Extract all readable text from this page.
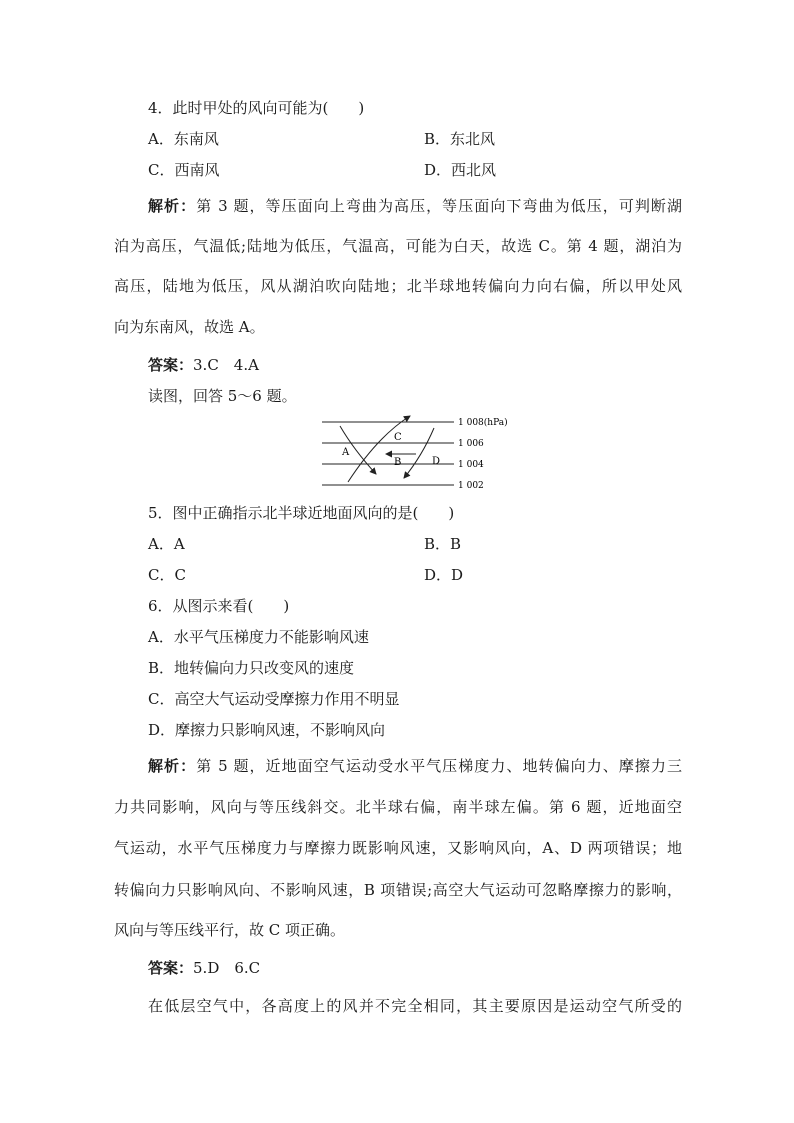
4．此时甲处的风向可能为(　　)
A．东南风	B．东北风
C．西南风	D．西北风
解析：第 3 题，等压面向上弯曲为高压，等压面向下弯曲为低压，可判断湖
泊为高压，气温低;陆地为低压，气温高，可能为白天，故选 C。第 4 题，湖泊为
高压，陆地为低压，风从湖泊吹向陆地；北半球地转偏向力向右偏，所以甲处风
向为东南风，故选 A。
答案：3.C　4.A
读图，回答 5～6 题。
1 008(hPa)
1 006
1 004
1 002
A
B
C
D
5．图中正确指示北半球近地面风向的是(　　)
A．A	B．B
C．C	D．D
6．从图示来看(　　)
A．水平气压梯度力不能影响风速
B．地转偏向力只改变风的速度
C．高空大气运动受摩擦力作用不明显
D．摩擦力只影响风速，不影响风向
解析：第 5 题，近地面空气运动受水平气压梯度力、地转偏向力、摩擦力三
力共同影响，风向与等压线斜交。北半球右偏，南半球左偏。第 6 题，近地面空
气运动，水平气压梯度力与摩擦力既影响风速，又影响风向，A、D 两项错误；地
转偏向力只影响风向、不影响风速，B 项错误;高空大气运动可忽略摩擦力的影响，
风向与等压线平行，故 C 项正确。
答案：5.D　6.C
在低层空气中，各高度上的风并不完全相同，其主要原因是运动空气所受的
